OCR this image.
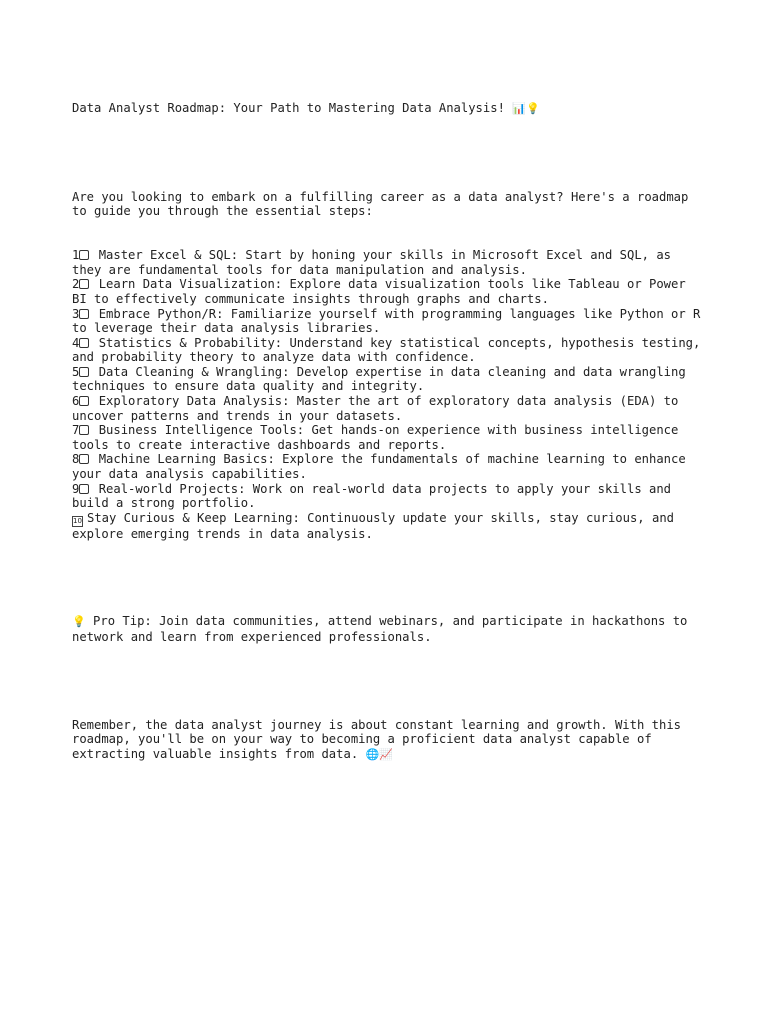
Data Analyst Roadmap: Your Path to Mastering Data Analysis! 📊💡

Are you looking to embark on a fulfilling career as a data analyst? Here's a roadmap to guide you through the essential steps:

1 Master Excel & SQL: Start by honing your skills in Microsoft Excel and SQL, as they are fundamental tools for data manipulation and analysis.
2 Learn Data Visualization: Explore data visualization tools like Tableau or Power BI to effectively communicate insights through graphs and charts.
3 Embrace Python/R: Familiarize yourself with programming languages like Python or R to leverage their data analysis libraries.
4 Statistics & Probability: Understand key statistical concepts, hypothesis testing, and probability theory to analyze data with confidence.
5 Data Cleaning & Wrangling: Develop expertise in data cleaning and data wrangling techniques to ensure data quality and integrity.
6 Exploratory Data Analysis: Master the art of exploratory data analysis (EDA) to uncover patterns and trends in your datasets.
7 Business Intelligence Tools: Get hands-on experience with business intelligence tools to create interactive dashboards and reports.
8 Machine Learning Basics: Explore the fundamentals of machine learning to enhance your data analysis capabilities.
9 Real-world Projects: Work on real-world data projects to apply your skills and build a strong portfolio.
10 Stay Curious & Keep Learning: Continuously update your skills, stay curious, and explore emerging trends in data analysis.

💡 Pro Tip: Join data communities, attend webinars, and participate in hackathons to network and learn from experienced professionals.

Remember, the data analyst journey is about constant learning and growth. With this roadmap, you'll be on your way to becoming a proficient data analyst capable of extracting valuable insights from data. 🌐📈
